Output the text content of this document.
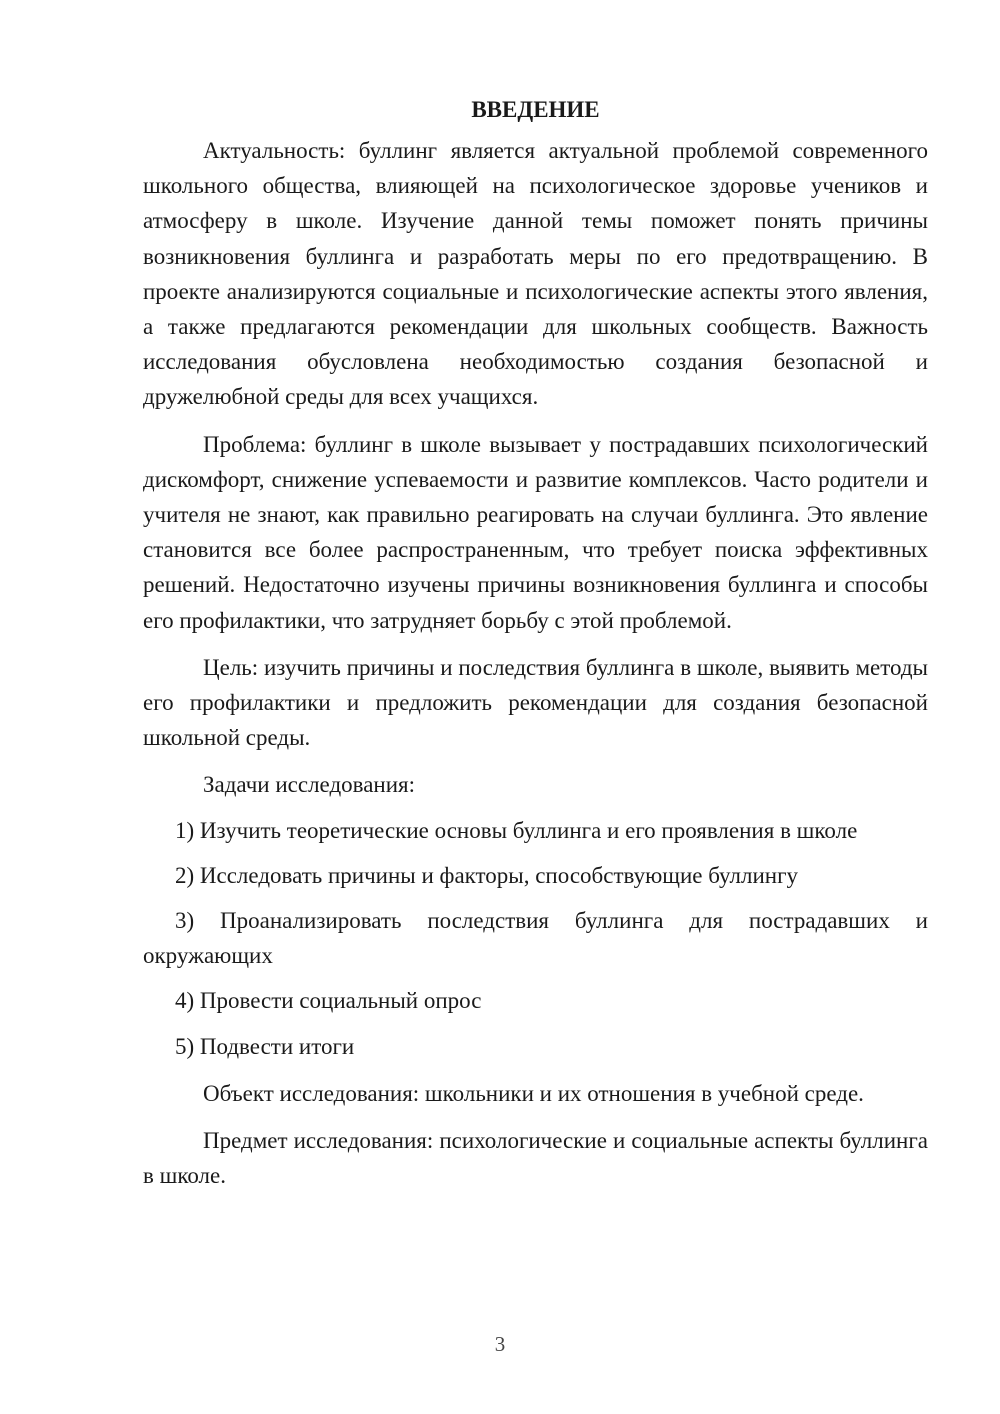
ВВЕДЕНИЕ

Актуальность: буллинг является актуальной проблемой современного школьного общества, влияющей на психологическое здоровье учеников и атмосферу в школе. Изучение данной темы поможет понять причины возникновения буллинга и разработать меры по его предотвращению. В проекте анализируются социальные и психологические аспекты этого явления, а также предлагаются рекомендации для школьных сообществ. Важность исследования обусловлена необходимостью создания безопасной и дружелюбной среды для всех учащихся.

Проблема: буллинг в школе вызывает у пострадавших психологический дискомфорт, снижение успеваемости и развитие комплексов. Часто родители и учителя не знают, как правильно реагировать на случаи буллинга. Это явление становится все более распространенным, что требует поиска эффективных решений. Недостаточно изучены причины возникновения буллинга и способы его профилактики, что затрудняет борьбу с этой проблемой.

Цель: изучить причины и последствия буллинга в школе, выявить методы его профилактики и предложить рекомендации для создания безопасной школьной среды.

Задачи исследования:

1) Изучить теоретические основы буллинга и его проявления в школе

2) Исследовать причины и факторы, способствующие буллингу

3) Проанализировать последствия буллинга для пострадавших и окружающих

4) Провести социальный опрос

5) Подвести итоги

Объект исследования: школьники и их отношения в учебной среде.

Предмет исследования: психологические и социальные аспекты буллинга в школе.

3
